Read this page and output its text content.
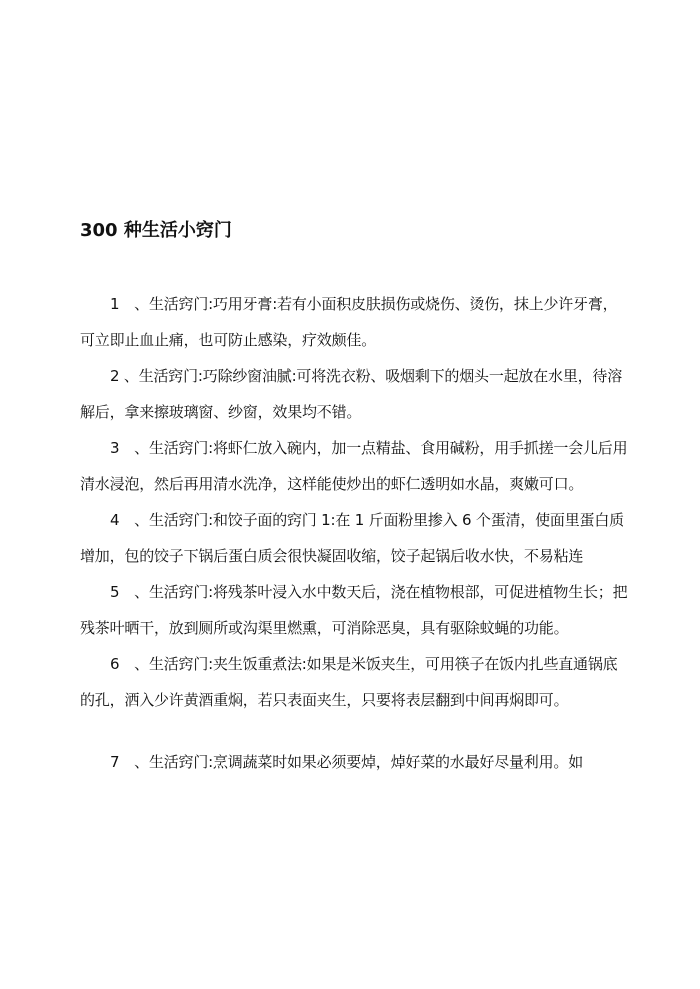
300 种生活小窍门

1　、生活窍门:巧用牙膏:若有小面积皮肤损伤或烧伤、烫伤，抹上少许牙膏，可立即止血止痛，也可防止感染，疗效颇佳。

2 、生活窍门:巧除纱窗油腻:可将洗衣粉、吸烟剩下的烟头一起放在水里，待溶解后，拿来擦玻璃窗、纱窗，效果均不错。

3　、生活窍门:将虾仁放入碗内，加一点精盐、食用碱粉，用手抓搓一会儿后用清水浸泡，然后再用清水洗净，这样能使炒出的虾仁透明如水晶，爽嫩可口。

4　、生活窍门:和饺子面的窍门 1:在 1 斤面粉里掺入 6 个蛋清，使面里蛋白质增加，包的饺子下锅后蛋白质会很快凝固收缩，饺子起锅后收水快，不易粘连

5　、生活窍门:将残茶叶浸入水中数天后，浇在植物根部，可促进植物生长；把残茶叶晒干，放到厕所或沟渠里燃熏，可消除恶臭，具有驱除蚊蝇的功能。

6　、生活窍门:夹生饭重煮法:如果是米饭夹生，可用筷子在饭内扎些直通锅底的孔，洒入少许黄酒重焖，若只表面夹生，只要将表层翻到中间再焖即可。

7　、生活窍门:烹调蔬菜时如果必须要焯，焯好菜的水最好尽量利用。如
